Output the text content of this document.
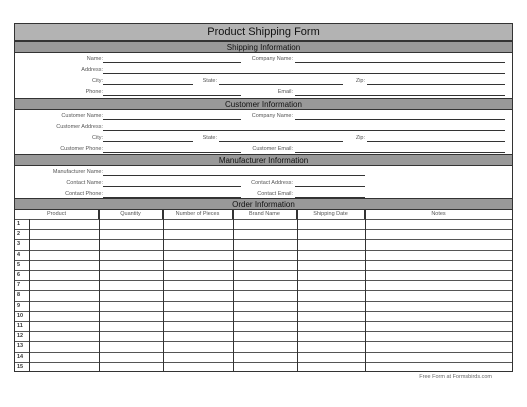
Product Shipping Form
Shipping Information
Name:	Company Name:
Address:
City:	State:	Zip:
Phone:	Email:
Customer Information
Customer Name:	Company Name:
Customer Address:
City:	State:	Zip:
Customer Phone:	Customer Email:
Manufacturer Information
Manufacturer Name:
Contact Name:	Contact Address:
Contact Phone:	Contact Email:
Order Information
Product	Quantity	Number of Pieces	Brand Name	Shipping Date	Notes
1
2
3
4
5
6
7
8
9
10
11
12
13
14
15
Free Form at Formsbirds.com
